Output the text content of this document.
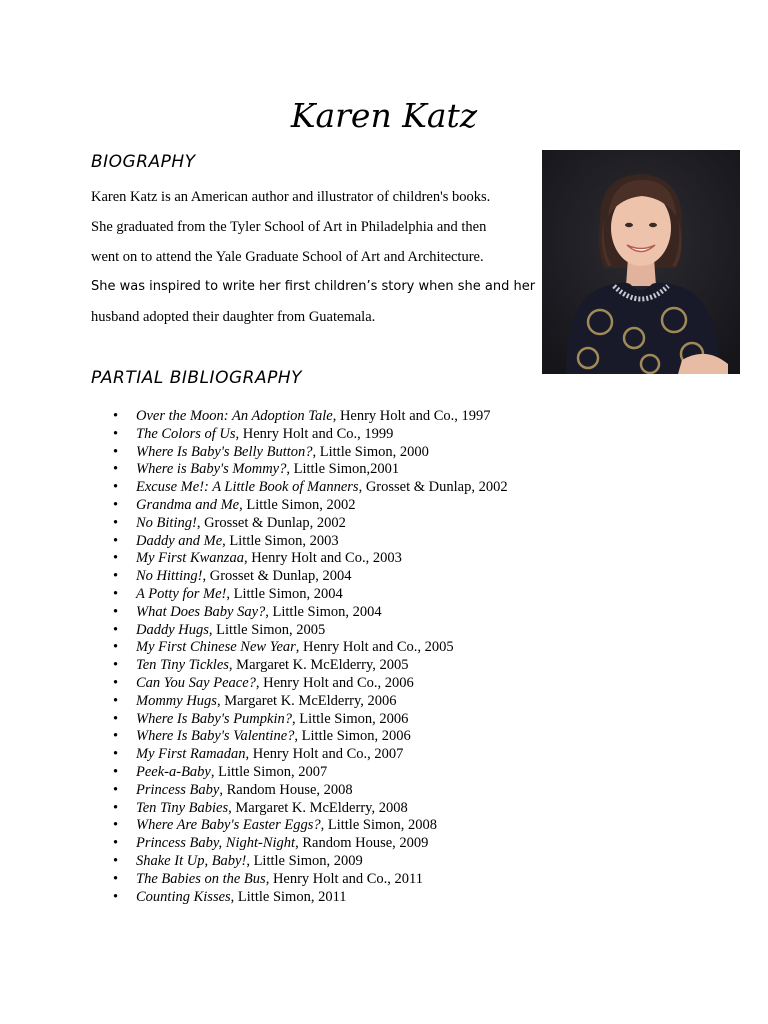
Karen Katz
BIOGRAPHY
Karen Katz is an American author and illustrator of children's books.
She graduated from the Tyler School of Art in Philadelphia and then
went on to attend the Yale Graduate School of Art and Architecture.
She was inspired to write her first children’s story when she and her
husband adopted their daughter from Guatemala.
PARTIAL BIBLIOGRAPHY
• Over the Moon: An Adoption Tale, Henry Holt and Co., 1997
• The Colors of Us, Henry Holt and Co., 1999
• Where Is Baby's Belly Button?, Little Simon, 2000
• Where is Baby's Mommy?, Little Simon,2001
• Excuse Me!: A Little Book of Manners, Grosset & Dunlap, 2002
• Grandma and Me, Little Simon, 2002
• No Biting!, Grosset & Dunlap, 2002
• Daddy and Me, Little Simon, 2003
• My First Kwanzaa, Henry Holt and Co., 2003
• No Hitting!, Grosset & Dunlap, 2004
• A Potty for Me!, Little Simon, 2004
• What Does Baby Say?, Little Simon, 2004
• Daddy Hugs, Little Simon, 2005
• My First Chinese New Year, Henry Holt and Co., 2005
• Ten Tiny Tickles, Margaret K. McElderry, 2005
• Can You Say Peace?, Henry Holt and Co., 2006
• Mommy Hugs, Margaret K. McElderry, 2006
• Where Is Baby's Pumpkin?, Little Simon, 2006
• Where Is Baby's Valentine?, Little Simon, 2006
• My First Ramadan, Henry Holt and Co., 2007
• Peek-a-Baby, Little Simon, 2007
• Princess Baby, Random House, 2008
• Ten Tiny Babies, Margaret K. McElderry, 2008
• Where Are Baby's Easter Eggs?, Little Simon, 2008
• Princess Baby, Night-Night, Random House, 2009
• Shake It Up, Baby!, Little Simon, 2009
• The Babies on the Bus, Henry Holt and Co., 2011
• Counting Kisses, Little Simon, 2011
